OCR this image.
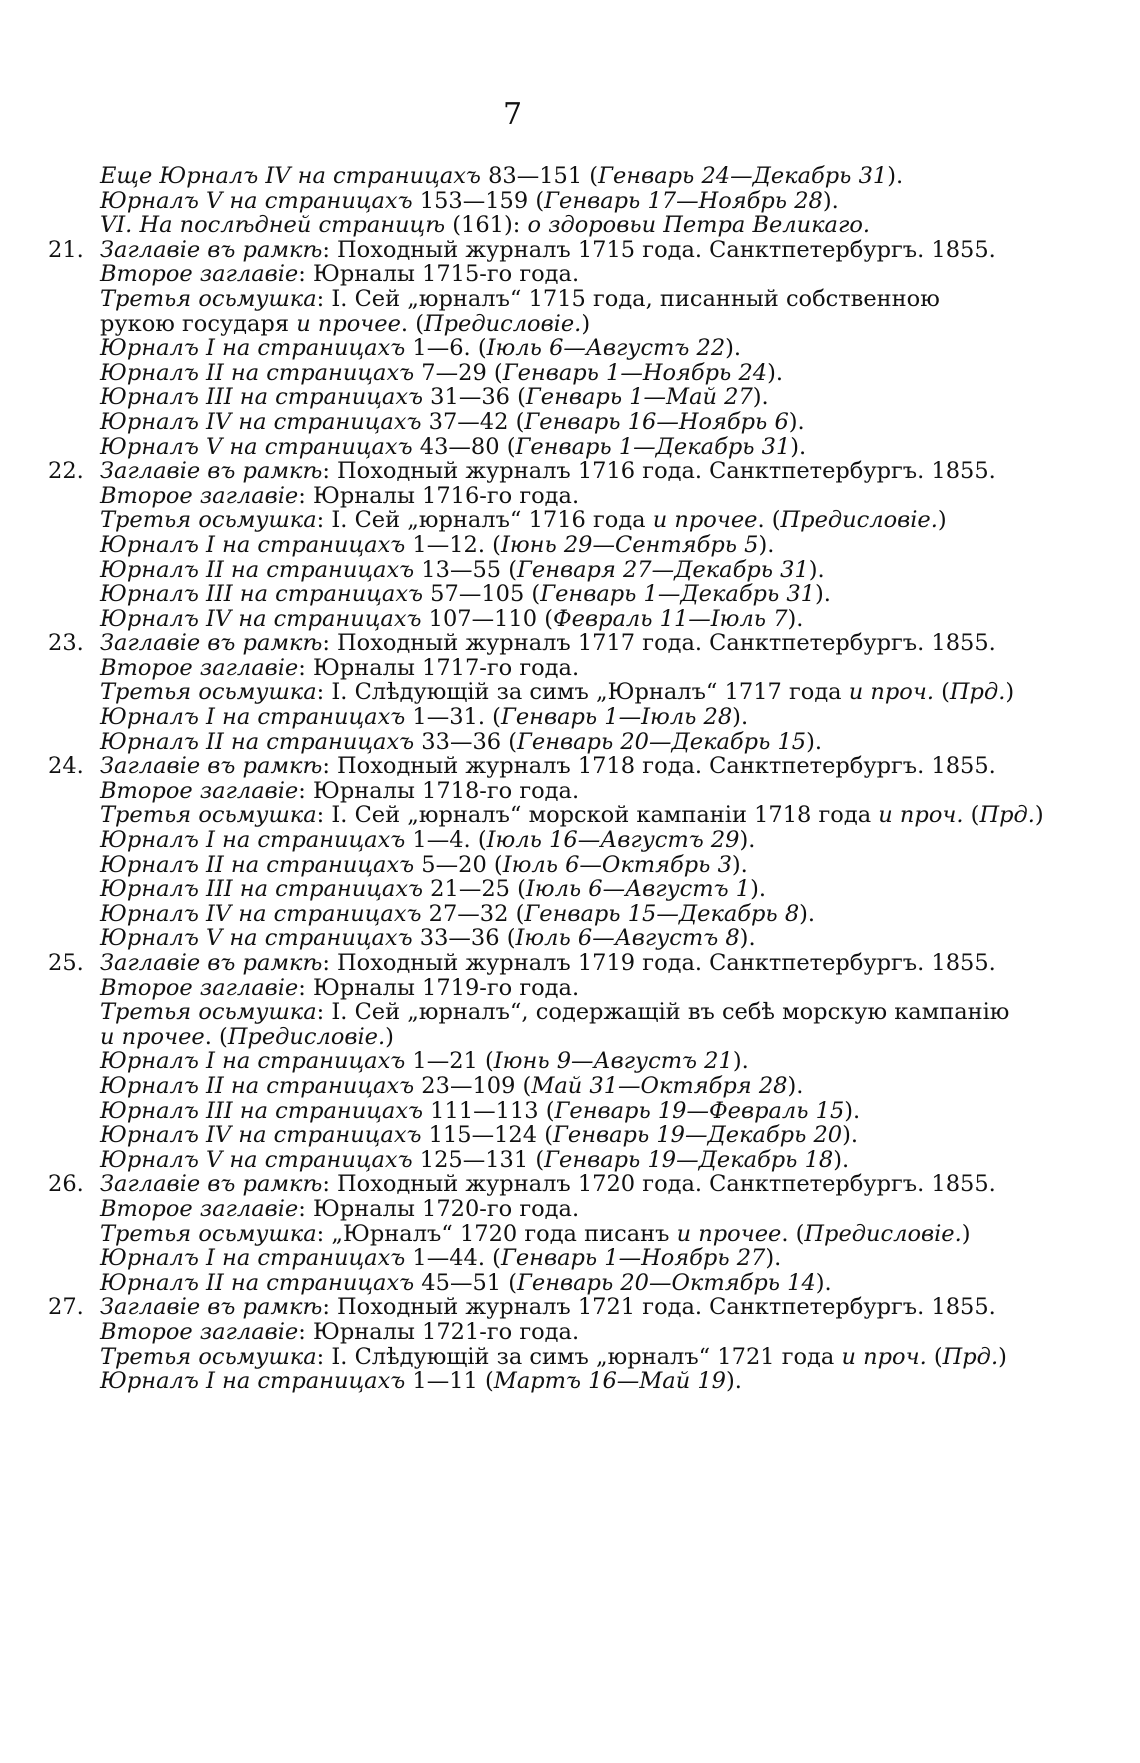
7
Еще Юрналъ IV на страницахъ 83—151 (Генварь 24—Декабрь 31).
Юрналъ V на страницахъ 153—159 (Генварь 17—Ноябрь 28).
VI. На послѣдней страницѣ (161): о здоровьи Петра Великаго.
21. Заглавіе въ рамкѣ: Походный журналъ 1715 года. Санктпетербургъ. 1855.
Второе заглавіе: Юрналы 1715-го года.
Третья осьмушка: I. Сей „юрналъ“ 1715 года, писанный собственною рукою государя и прочее. (Предисловіе.)
Юрналъ I на страницахъ 1—6. (Іюль 6—Августъ 22).
Юрналъ II на страницахъ 7—29 (Генварь 1—Ноябрь 24).
Юрналъ III на страницахъ 31—36 (Генварь 1—Май 27).
Юрналъ IV на страницахъ 37—42 (Генварь 16—Ноябрь 6).
Юрналъ V на страницахъ 43—80 (Генварь 1—Декабрь 31).
22. Заглавіе въ рамкѣ: Походный журналъ 1716 года. Санктпетербургъ. 1855.
Второе заглавіе: Юрналы 1716-го года.
Третья осьмушка: I. Сей „юрналъ“ 1716 года и прочее. (Предисловіе.)
Юрналъ I на страницахъ 1—12. (Іюнь 29—Сентябрь 5).
Юрналъ II на страницахъ 13—55 (Генваря 27—Декабрь 31).
Юрналъ III на страницахъ 57—105 (Генварь 1—Декабрь 31).
Юрналъ IV на страницахъ 107—110 (Февраль 11—Іюль 7).
23. Заглавіе въ рамкѣ: Походный журналъ 1717 года. Санктпетербургъ. 1855.
Второе заглавіе: Юрналы 1717-го года.
Третья осьмушка: I. Слѣдующій за симъ „Юрналъ“ 1717 года и проч. (Прд.)
Юрналъ I на страницахъ 1—31. (Генварь 1—Іюль 28).
Юрналъ II на страницахъ 33—36 (Генварь 20—Декабрь 15).
24. Заглавіе въ рамкѣ: Походный журналъ 1718 года. Санктпетербургъ. 1855.
Второе заглавіе: Юрналы 1718-го года.
Третья осьмушка: I. Сей „юрналъ“ морской кампаніи 1718 года и проч. (Прд.)
Юрналъ I на страницахъ 1—4. (Іюль 16—Августъ 29).
Юрналъ II на страницахъ 5—20 (Іюль 6—Октябрь 3).
Юрналъ III на страницахъ 21—25 (Іюль 6—Августъ 1).
Юрналъ IV на страницахъ 27—32 (Генварь 15—Декабрь 8).
Юрналъ V на страницахъ 33—36 (Іюль 6—Августъ 8).
25. Заглавіе въ рамкѣ: Походный журналъ 1719 года. Санктпетербургъ. 1855.
Второе заглавіе: Юрналы 1719-го года.
Третья осьмушка: I. Сей „юрналъ“, содержащій въ себѣ морскую кампанію и прочее. (Предисловіе.)
Юрналъ I на страницахъ 1—21 (Іюнь 9—Августъ 21).
Юрналъ II на страницахъ 23—109 (Май 31—Октября 28).
Юрналъ III на страницахъ 111—113 (Генварь 19—Февраль 15).
Юрналъ IV на страницахъ 115—124 (Генварь 19—Декабрь 20).
Юрналъ V на страницахъ 125—131 (Генварь 19—Декабрь 18).
26. Заглавіе въ рамкѣ: Походный журналъ 1720 года. Санктпетербургъ. 1855.
Второе заглавіе: Юрналы 1720-го года.
Третья осьмушка: „Юрналъ“ 1720 года писанъ и прочее. (Предисловіе.)
Юрналъ I на страницахъ 1—44. (Генварь 1—Ноябрь 27).
Юрналъ II на страницахъ 45—51 (Генварь 20—Октябрь 14).
27. Заглавіе въ рамкѣ: Походный журналъ 1721 года. Санктпетербургъ. 1855.
Второе заглавіе: Юрналы 1721-го года.
Третья осьмушка: I. Слѣдующій за симъ „юрналъ“ 1721 года и проч. (Прд.)
Юрналъ I на страницахъ 1—11 (Мартъ 16—Май 19).
